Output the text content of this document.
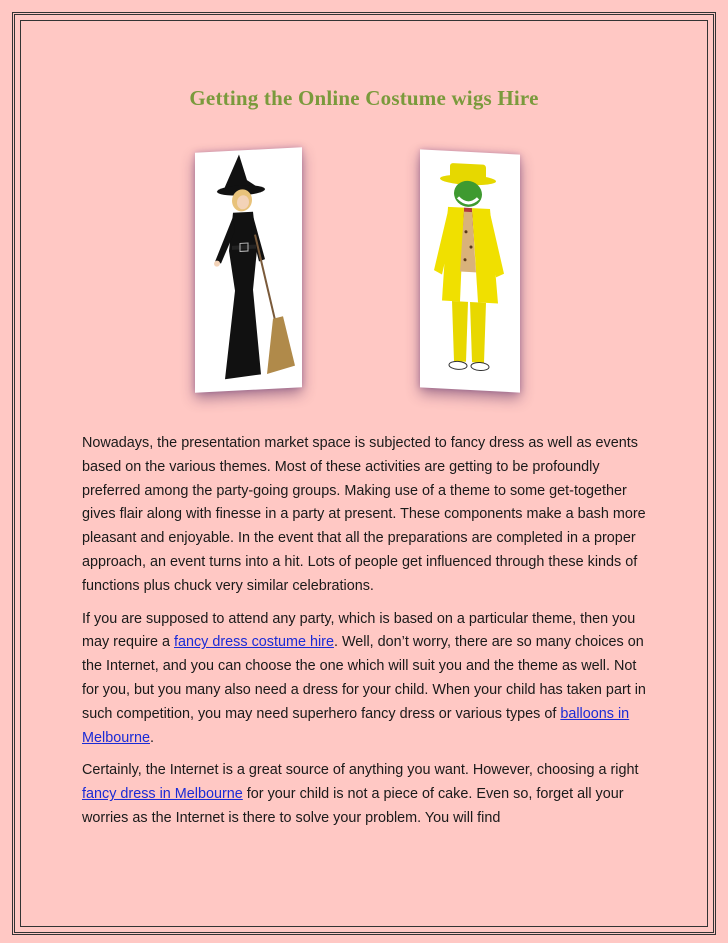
Getting the Online Costume wigs Hire

Nowadays, the presentation market space is subjected to fancy dress as well as events based on the various themes. Most of these activities are getting to be profoundly preferred among the party-going groups. Making use of a theme to some get-together gives flair along with finesse in a party at present. These components make a bash more pleasant and enjoyable. In the event that all the preparations are completed in a proper approach, an event turns into a hit. Lots of people get influenced through these kinds of functions plus chuck very similar celebrations.

If you are supposed to attend any party, which is based on a particular theme, then you may require a fancy dress costume hire. Well, don’t worry, there are so many choices on the Internet, and you can choose the one which will suit you and the theme as well. Not for you, but you many also need a dress for your child. When your child has taken part in such competition, you may need superhero fancy dress or various types of balloons in Melbourne.

Certainly, the Internet is a great source of anything you want. However, choosing a right fancy dress in Melbourne for your child is not a piece of cake. Even so, forget all your worries as the Internet is there to solve your problem. You will find
